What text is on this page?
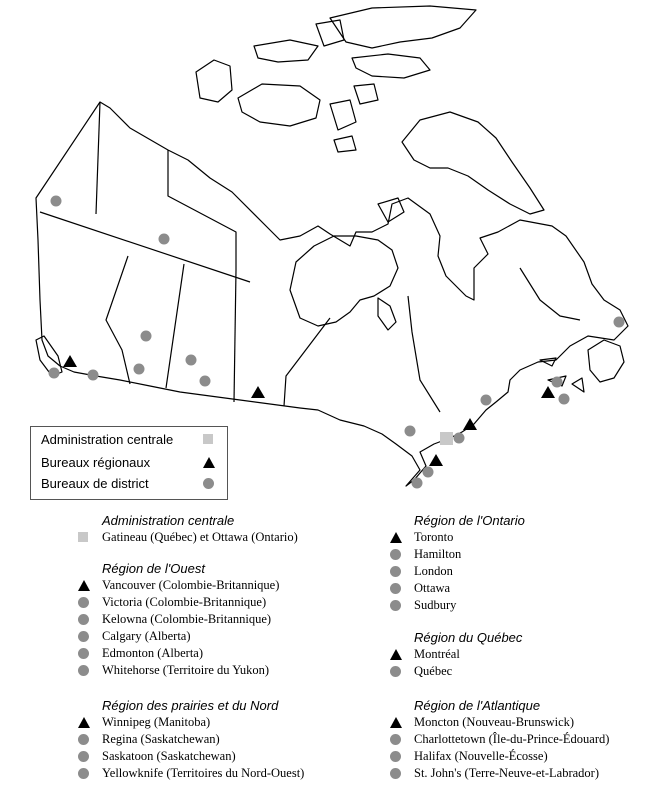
Administration centrale
Bureaux régionaux
Bureaux de district
Administration centrale
Gatineau (Québec) et Ottawa (Ontario)
Région de l'Ouest
Vancouver (Colombie-Britannique)
Victoria (Colombie-Britannique)
Kelowna (Colombie-Britannique)
Calgary (Alberta)
Edmonton (Alberta)
Whitehorse (Territoire du Yukon)
Région des prairies et du Nord
Winnipeg (Manitoba)
Regina (Saskatchewan)
Saskatoon (Saskatchewan)
Yellowknife (Territoires du Nord-Ouest)
Région de l'Ontario
Toronto
Hamilton
London
Ottawa
Sudbury
Région du Québec
Montréal
Québec
Région de l'Atlantique
Moncton (Nouveau-Brunswick)
Charlottetown (Île-du-Prince-Édouard)
Halifax (Nouvelle-Écosse)
St. John's (Terre-Neuve-et-Labrador)
